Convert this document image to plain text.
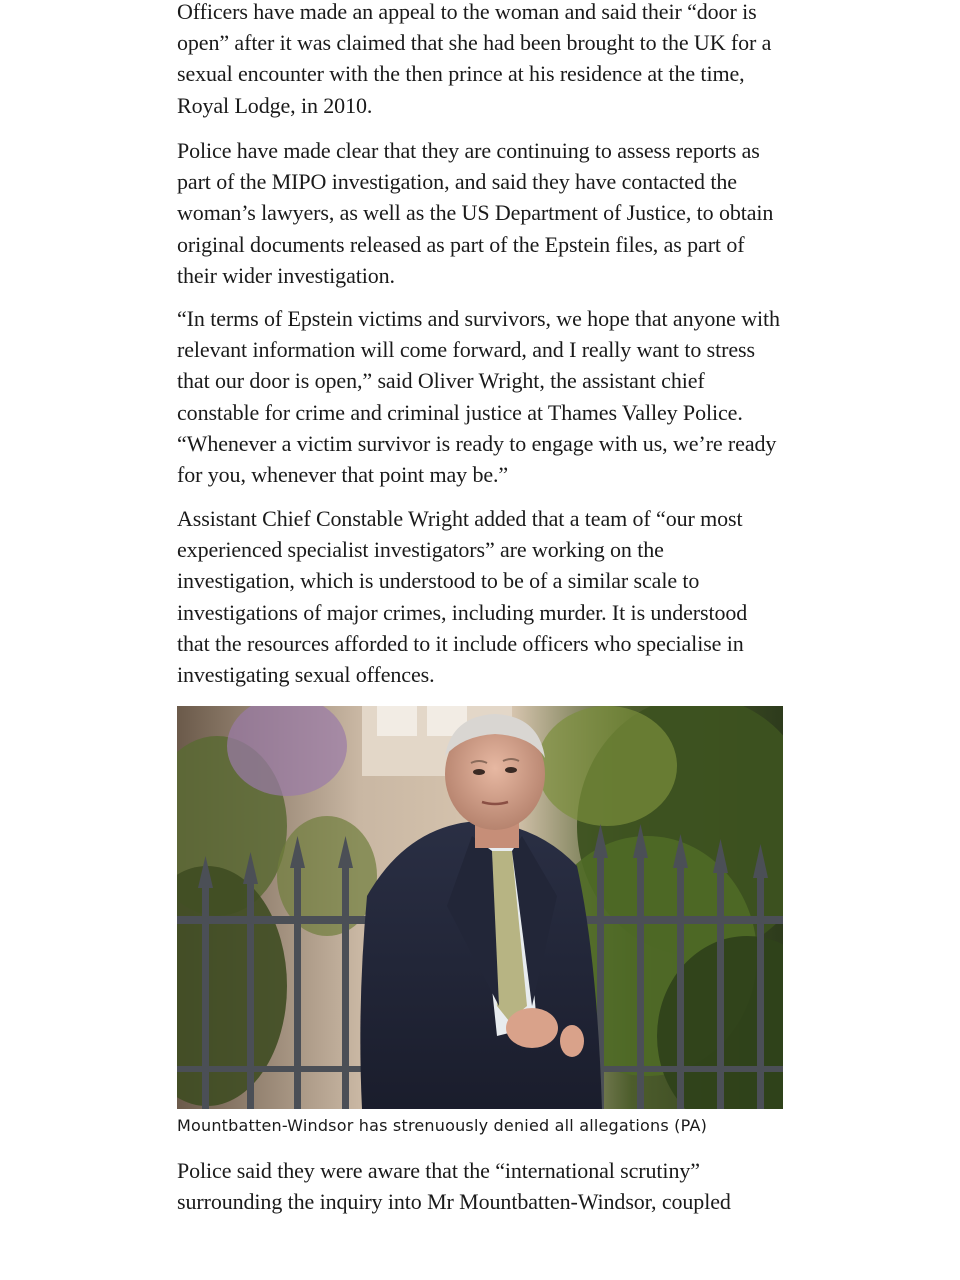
Officers have made an appeal to the woman and said their “door is open” after it was claimed that she had been brought to the UK for a sexual encounter with the then prince at his residence at the time, Royal Lodge, in 2010.

Police have made clear that they are continuing to assess reports as part of the MIPO investigation, and said they have contacted the woman’s lawyers, as well as the US Department of Justice, to obtain original documents released as part of the Epstein files, as part of their wider investigation.

“In terms of Epstein victims and survivors, we hope that anyone with relevant information will come forward, and I really want to stress that our door is open,” said Oliver Wright, the assistant chief constable for crime and criminal justice at Thames Valley Police. “Whenever a victim survivor is ready to engage with us, we’re ready for you, whenever that point may be.”

Assistant Chief Constable Wright added that a team of “our most experienced specialist investigators” are working on the investigation, which is understood to be of a similar scale to investigations of major crimes, including murder. It is understood that the resources afforded to it include officers who specialise in investigating sexual offences.

Mountbatten-Windsor has strenuously denied all allegations (PA)

Police said they were aware that the “international scrutiny” surrounding the inquiry into Mr Mountbatten-Windsor, coupled
